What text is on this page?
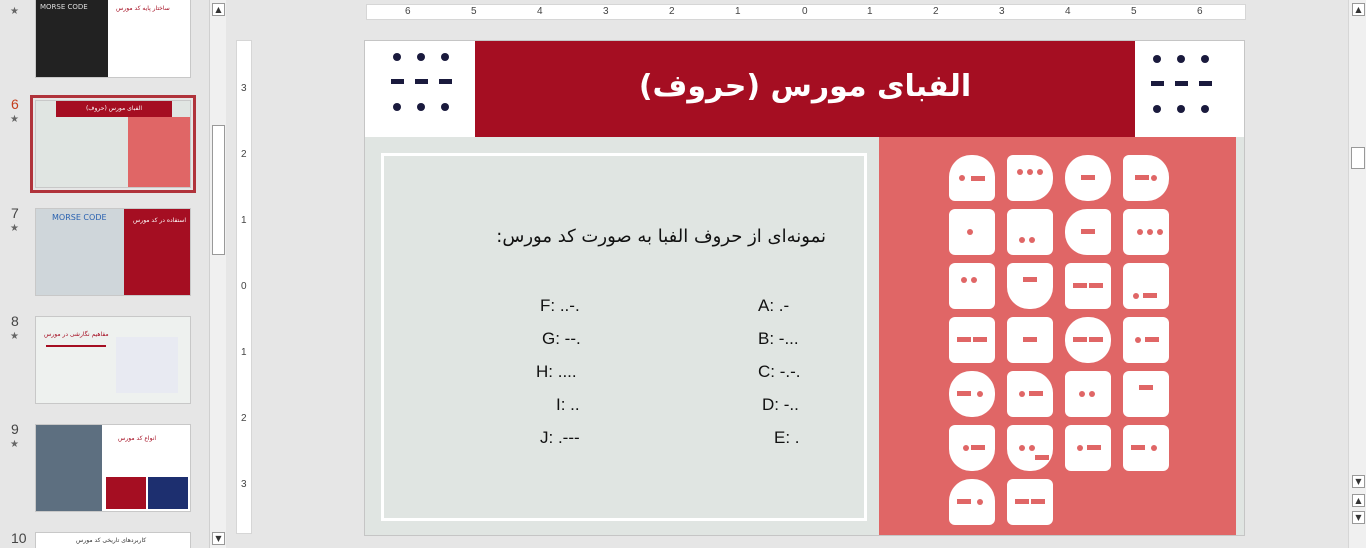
★	MORSE CODE	ساختار پایه کد مورس
6
★
الفبای مورس (حروف)
7
★
MORSE CODE	استفاده در کد مورس
8
★	مفاهیم نگارشی در مورس
9
★
انواع کد مورس
10	کاربردهای تاریخی کد مورس
▲
▼
6	5	4	3	2	1	0	1	2	3	4	5	6
3
2
1
0
1
2
3
▲
▼
▲
▼
الفبای مورس (حروف)
نمونه‌ای از حروف الفبا به صورت کد مورس:
A: .-
B: -...
C: -.-.
D: -..
E: .
F: ..-.
G: --.
H: ....
I: ..
J: .---
